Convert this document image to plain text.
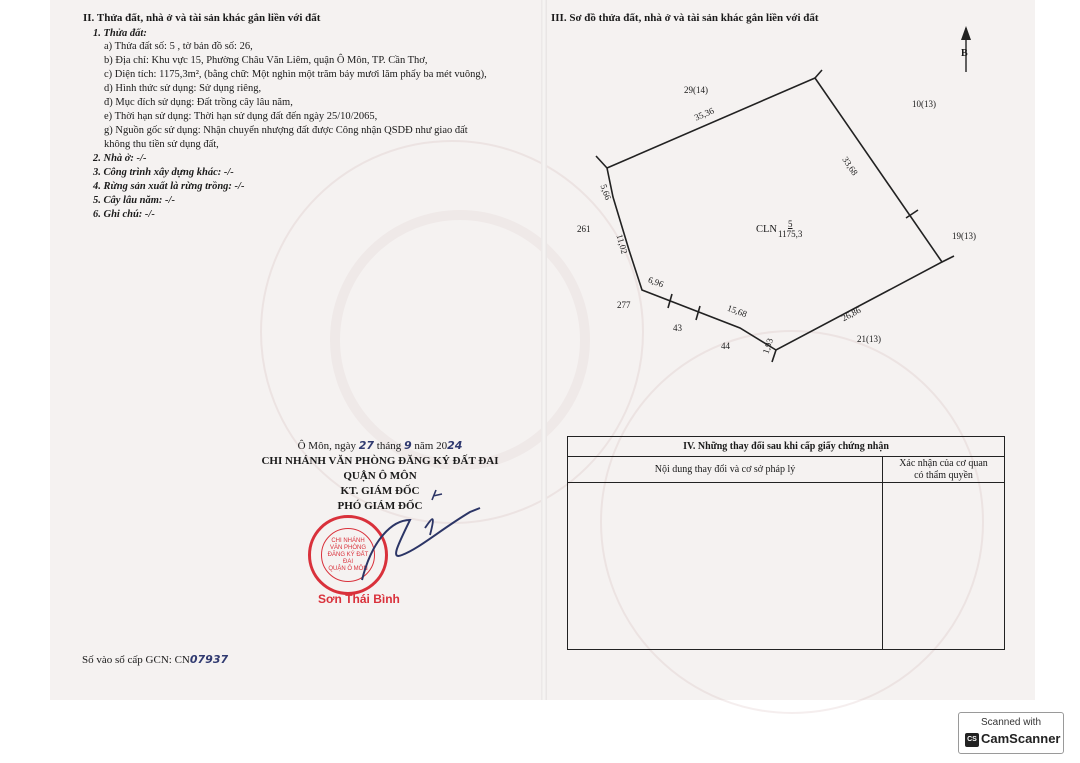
II. Thửa đất, nhà ở và tài sản khác gắn liền với đất
1. Thửa đất:
a) Thửa đất số: 5 , tờ bản đồ số: 26,
b) Địa chỉ: Khu vực 15, Phường Châu Văn Liêm, quận Ô Môn, TP. Cần Thơ,
c) Diện tích: 1175,3m², (bằng chữ: Một nghìn một trăm bảy mươi lăm phẩy ba mét vuông),
d) Hình thức sử dụng: Sử dụng riêng,
đ) Mục đích sử dụng: Đất trồng cây lâu năm,
e) Thời hạn sử dụng: Thời hạn sử dụng đất đến ngày 25/10/2065,
g) Nguồn gốc sử dụng: Nhận chuyển nhượng đất được Công nhận QSDĐ như giao đất
không thu tiền sử dụng đất,
2. Nhà ở: -/-
3. Công trình xây dựng khác: -/-
4. Rừng sản xuất là rừng trồng: -/-
5. Cây lâu năm: -/-
6. Ghi chú: -/-
Ô Môn, ngày 27 tháng 9 năm 2024
CHI NHÁNH VĂN PHÒNG ĐĂNG KÝ ĐẤT ĐAI
QUẬN Ô MÔN
KT. GIÁM ĐỐC
PHÓ GIÁM ĐỐC
CHI NHÁNH
VĂN PHÒNG
ĐĂNG KÝ ĐẤT ĐAI
QUẬN Ô MÔN
Sơn Thái Bình
Số vào sổ cấp GCN: CN07937
III. Sơ đồ thửa đất, nhà ở và tài sản khác gắn liền với đất
B
CLN 5
1175,3
29(14)
10(13)
261
19(13)
277
43
44
21(13)
35,36
33,68
5,66
11,02
6,96
15,68	26,86
1,93
IV. Những thay đổi sau khi cấp giấy chứng nhận	
Nội dung thay đổi và cơ sở pháp lý	Xác nhận của cơ quan
có thẩm quyền

Scanned with
CS CamScanner
